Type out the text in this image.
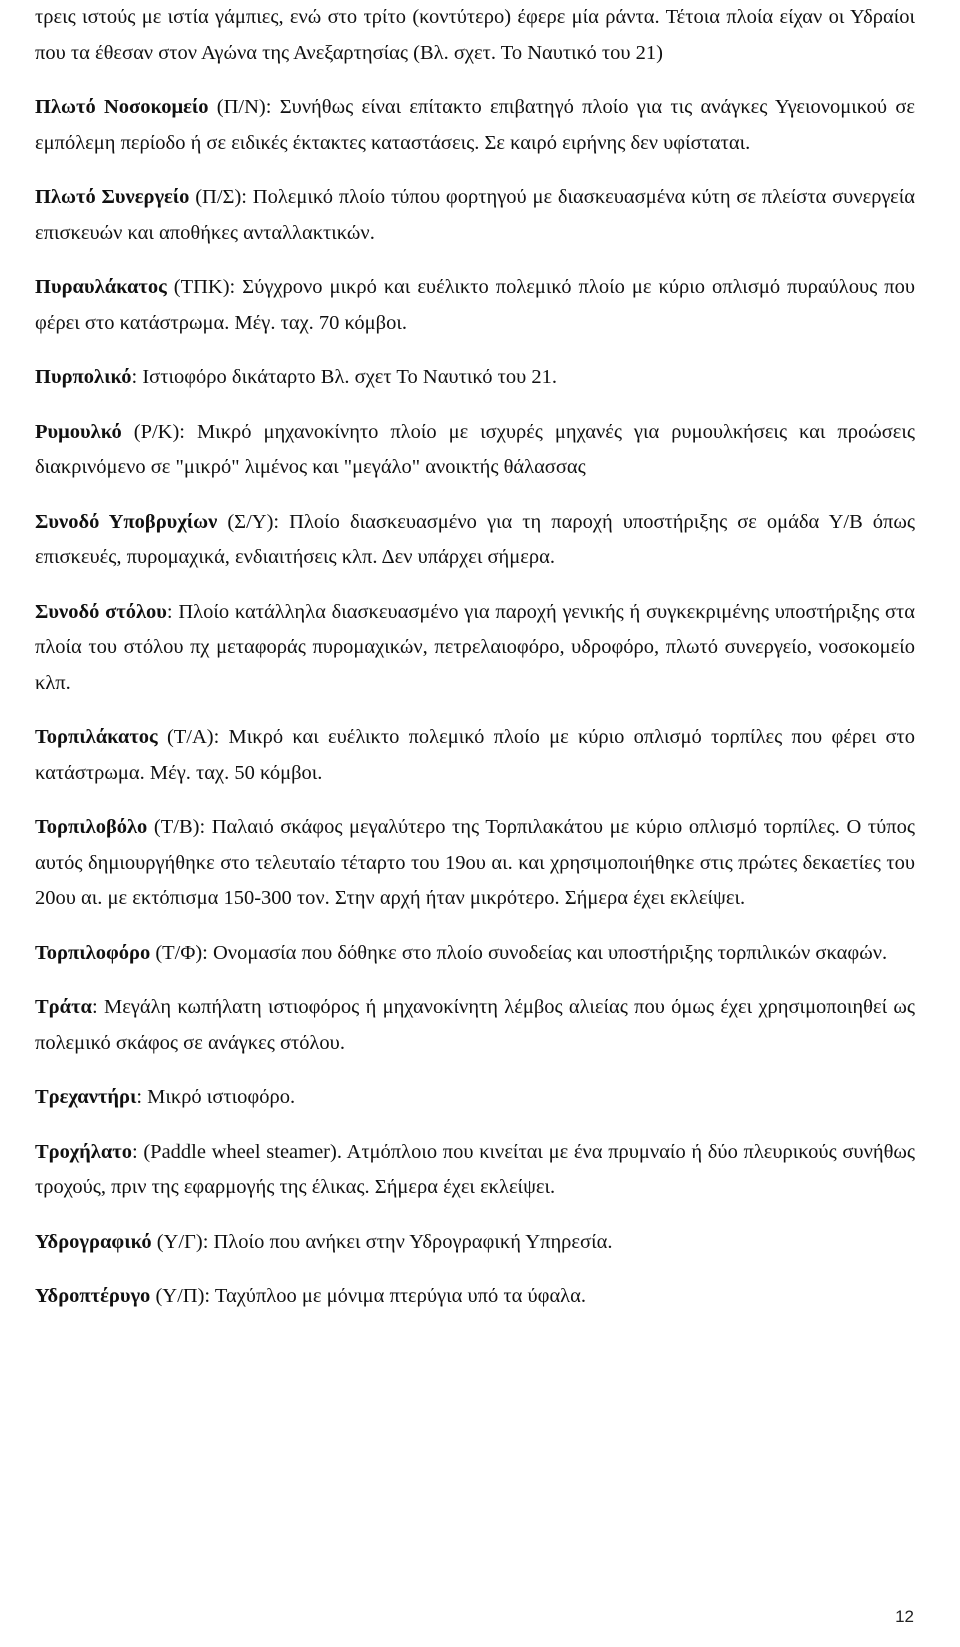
τρεις ιστούς με ιστία γάμπιες, ενώ στο τρίτο (κοντύτερο) έφερε μία ράντα. Τέτοια πλοία είχαν οι Υδραίοι που τα έθεσαν στον Αγώνα της Ανεξαρτησίας (Βλ. σχετ. Το Ναυτικό του 21)
Πλωτό Νοσοκομείο (Π/Ν): Συνήθως είναι επίτακτο επιβατηγό πλοίο για τις ανάγκες Υγειονομικού σε εμπόλεμη περίοδο ή σε ειδικές έκτακτες καταστάσεις. Σε καιρό ειρήνης δεν υφίσταται.
Πλωτό Συνεργείο (Π/Σ): Πολεμικό πλοίο τύπου φορτηγού με διασκευασμένα κύτη σε πλείστα συνεργεία επισκευών και αποθήκες ανταλλακτικών.
Πυραυλάκατος (ΤΠΚ): Σύγχρονο μικρό και ευέλικτο πολεμικό πλοίο με κύριο οπλισμό πυραύλους που φέρει στο κατάστρωμα. Μέγ. ταχ. 70 κόμβοι.
Πυρπολικό: Ιστιοφόρο δικάταρτο Βλ. σχετ Το Ναυτικό του 21.
Ρυμουλκό (Ρ/Κ): Μικρό μηχανοκίνητο πλοίο με ισχυρές μηχανές για ρυμουλκήσεις και προώσεις διακρινόμενο σε "μικρό" λιμένος και "μεγάλο" ανοικτής θάλασσας
Συνοδό Υποβρυχίων (Σ/Υ): Πλοίο διασκευασμένο για τη παροχή υποστήριξης σε ομάδα Υ/Β όπως επισκευές, πυρομαχικά, ενδιαιτήσεις κλπ. Δεν υπάρχει σήμερα.
Συνοδό στόλου: Πλοίο κατάλληλα διασκευασμένο για παροχή γενικής ή συγκεκριμένης υποστήριξης στα πλοία του στόλου πχ μεταφοράς πυρομαχικών, πετρελαιοφόρο, υδροφόρο, πλωτό συνεργείο, νοσοκομείο κλπ.
Τορπιλάκατος (Τ/Α): Μικρό και ευέλικτο πολεμικό πλοίο με κύριο οπλισμό τορπίλες που φέρει στο κατάστρωμα. Μέγ. ταχ. 50 κόμβοι.
Τορπιλοβόλο (Τ/Β): Παλαιό σκάφος μεγαλύτερο της Τορπιλακάτου με κύριο οπλισμό τορπίλες. Ο τύπος αυτός δημιουργήθηκε στο τελευταίο τέταρτο του 19ου αι. και χρησιμοποιήθηκε στις πρώτες δεκαετίες του 20ου αι. με εκτόπισμα 150-300 τον. Στην αρχή ήταν μικρότερο. Σήμερα έχει εκλείψει.
Τορπιλοφόρο (Τ/Φ): Ονομασία που δόθηκε στο πλοίο συνοδείας και υποστήριξης τορπιλικών σκαφών.
Τράτα: Μεγάλη κωπήλατη ιστιοφόρος ή μηχανοκίνητη λέμβος αλιείας που όμως έχει χρησιμοποιηθεί ως πολεμικό σκάφος σε ανάγκες στόλου.
Τρεχαντήρι: Μικρό ιστιοφόρο.
Τροχήλατο: (Paddle wheel steamer). Ατμόπλοιο που κινείται με ένα πρυμναίο ή δύο πλευρικούς συνήθως τροχούς, πριν της εφαρμογής της έλικας. Σήμερα έχει εκλείψει.
Υδρογραφικό (Υ/Γ): Πλοίο που ανήκει στην Υδρογραφική Υπηρεσία.
Υδροπτέρυγο (Υ/Π): Ταχύπλοο με μόνιμα πτερύγια υπό τα ύφαλα.
12
